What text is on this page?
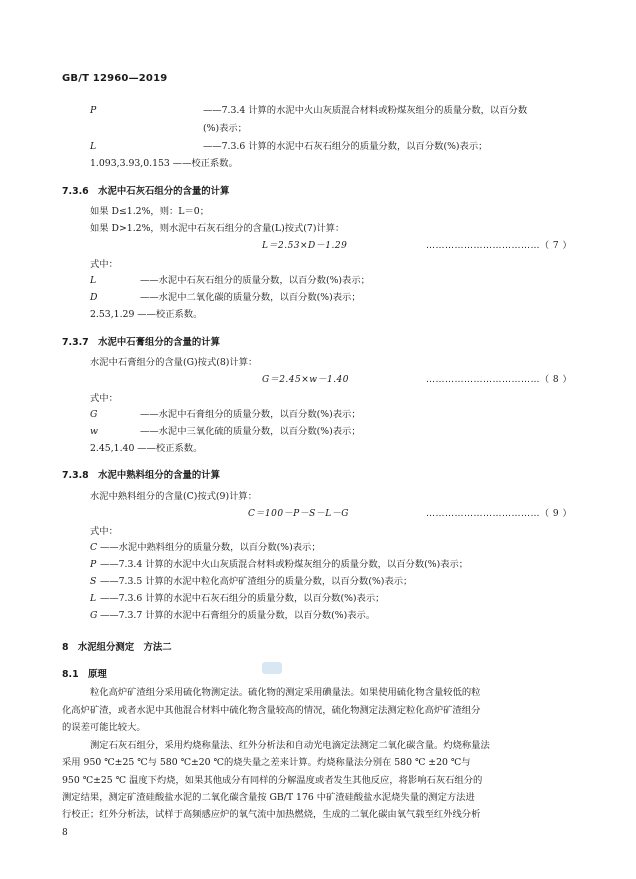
GB/T 12960—2019
P	——7.3.4 计算的水泥中火山灰质混合材料或粉煤灰组分的质量分数，以百分数
(%)表示；
L	——7.3.6 计算的水泥中石灰石组分的质量分数，以百分数(%)表示；
1.093,3.93,0.153 ——校正系数。
7.3.6　水泥中石灰石组分的含量的计算
如果 D≤1.2%，则：L＝0；
如果 D>1.2%，则水泥中石灰石组分的含量(L)按式(7)计算：
L＝2.53×D－1.29	………………………………（ 7 ）
式中：
L	——水泥中石灰石组分的质量分数，以百分数(%)表示；
D	——水泥中二氧化碳的质量分数，以百分数(%)表示；
2.53,1.29 ——校正系数。
7.3.7　水泥中石膏组分的含量的计算
水泥中石膏组分的含量(G)按式(8)计算：
G＝2.45×w－1.40	………………………………（ 8 ）
式中：
G	——水泥中石膏组分的质量分数，以百分数(%)表示；
w	——水泥中三氧化硫的质量分数，以百分数(%)表示；
2.45,1.40 ——校正系数。
7.3.8　水泥中熟料组分的含量的计算
水泥中熟料组分的含量(C)按式(9)计算：
C＝100－P－S－L－G	………………………………（ 9 ）
式中：
C ——水泥中熟料组分的质量分数，以百分数(%)表示；
P ——7.3.4 计算的水泥中火山灰质混合材料或粉煤灰组分的质量分数，以百分数(%)表示；
S ——7.3.5 计算的水泥中粒化高炉矿渣组分的质量分数，以百分数(%)表示；
L ——7.3.6 计算的水泥中石灰石组分的质量分数，以百分数(%)表示；
G ——7.3.7 计算的水泥中石膏组分的质量分数，以百分数(%)表示。
8　水泥组分测定　方法二
8.1　原理
粒化高炉矿渣组分采用硫化物测定法。硫化物的测定采用碘量法。如果使用硫化物含量较低的粒
化高炉矿渣，或者水泥中其他混合材料中硫化物含量较高的情况，硫化物测定法测定粒化高炉矿渣组分
的误差可能比较大。
测定石灰石组分，采用灼烧称量法、红外分析法和自动光电滴定法测定二氧化碳含量。灼烧称量法
采用 950 ℃±25 ℃与 580 ℃±20 ℃的烧失量之差来计算。灼烧称量法分别在 580 ℃ ±20 ℃与
950 ℃±25 ℃ 温度下灼烧，如果其他成分有同样的分解温度或者发生其他反应，将影响石灰石组分的
测定结果，测定矿渣硅酸盐水泥的二氧化碳含量按 GB/T 176 中矿渣硅酸盐水泥烧失量的测定方法进
行校正；红外分析法，试样于高频感应炉的氧气流中加热燃烧，生成的二氧化碳由氧气载至红外线分析
8
